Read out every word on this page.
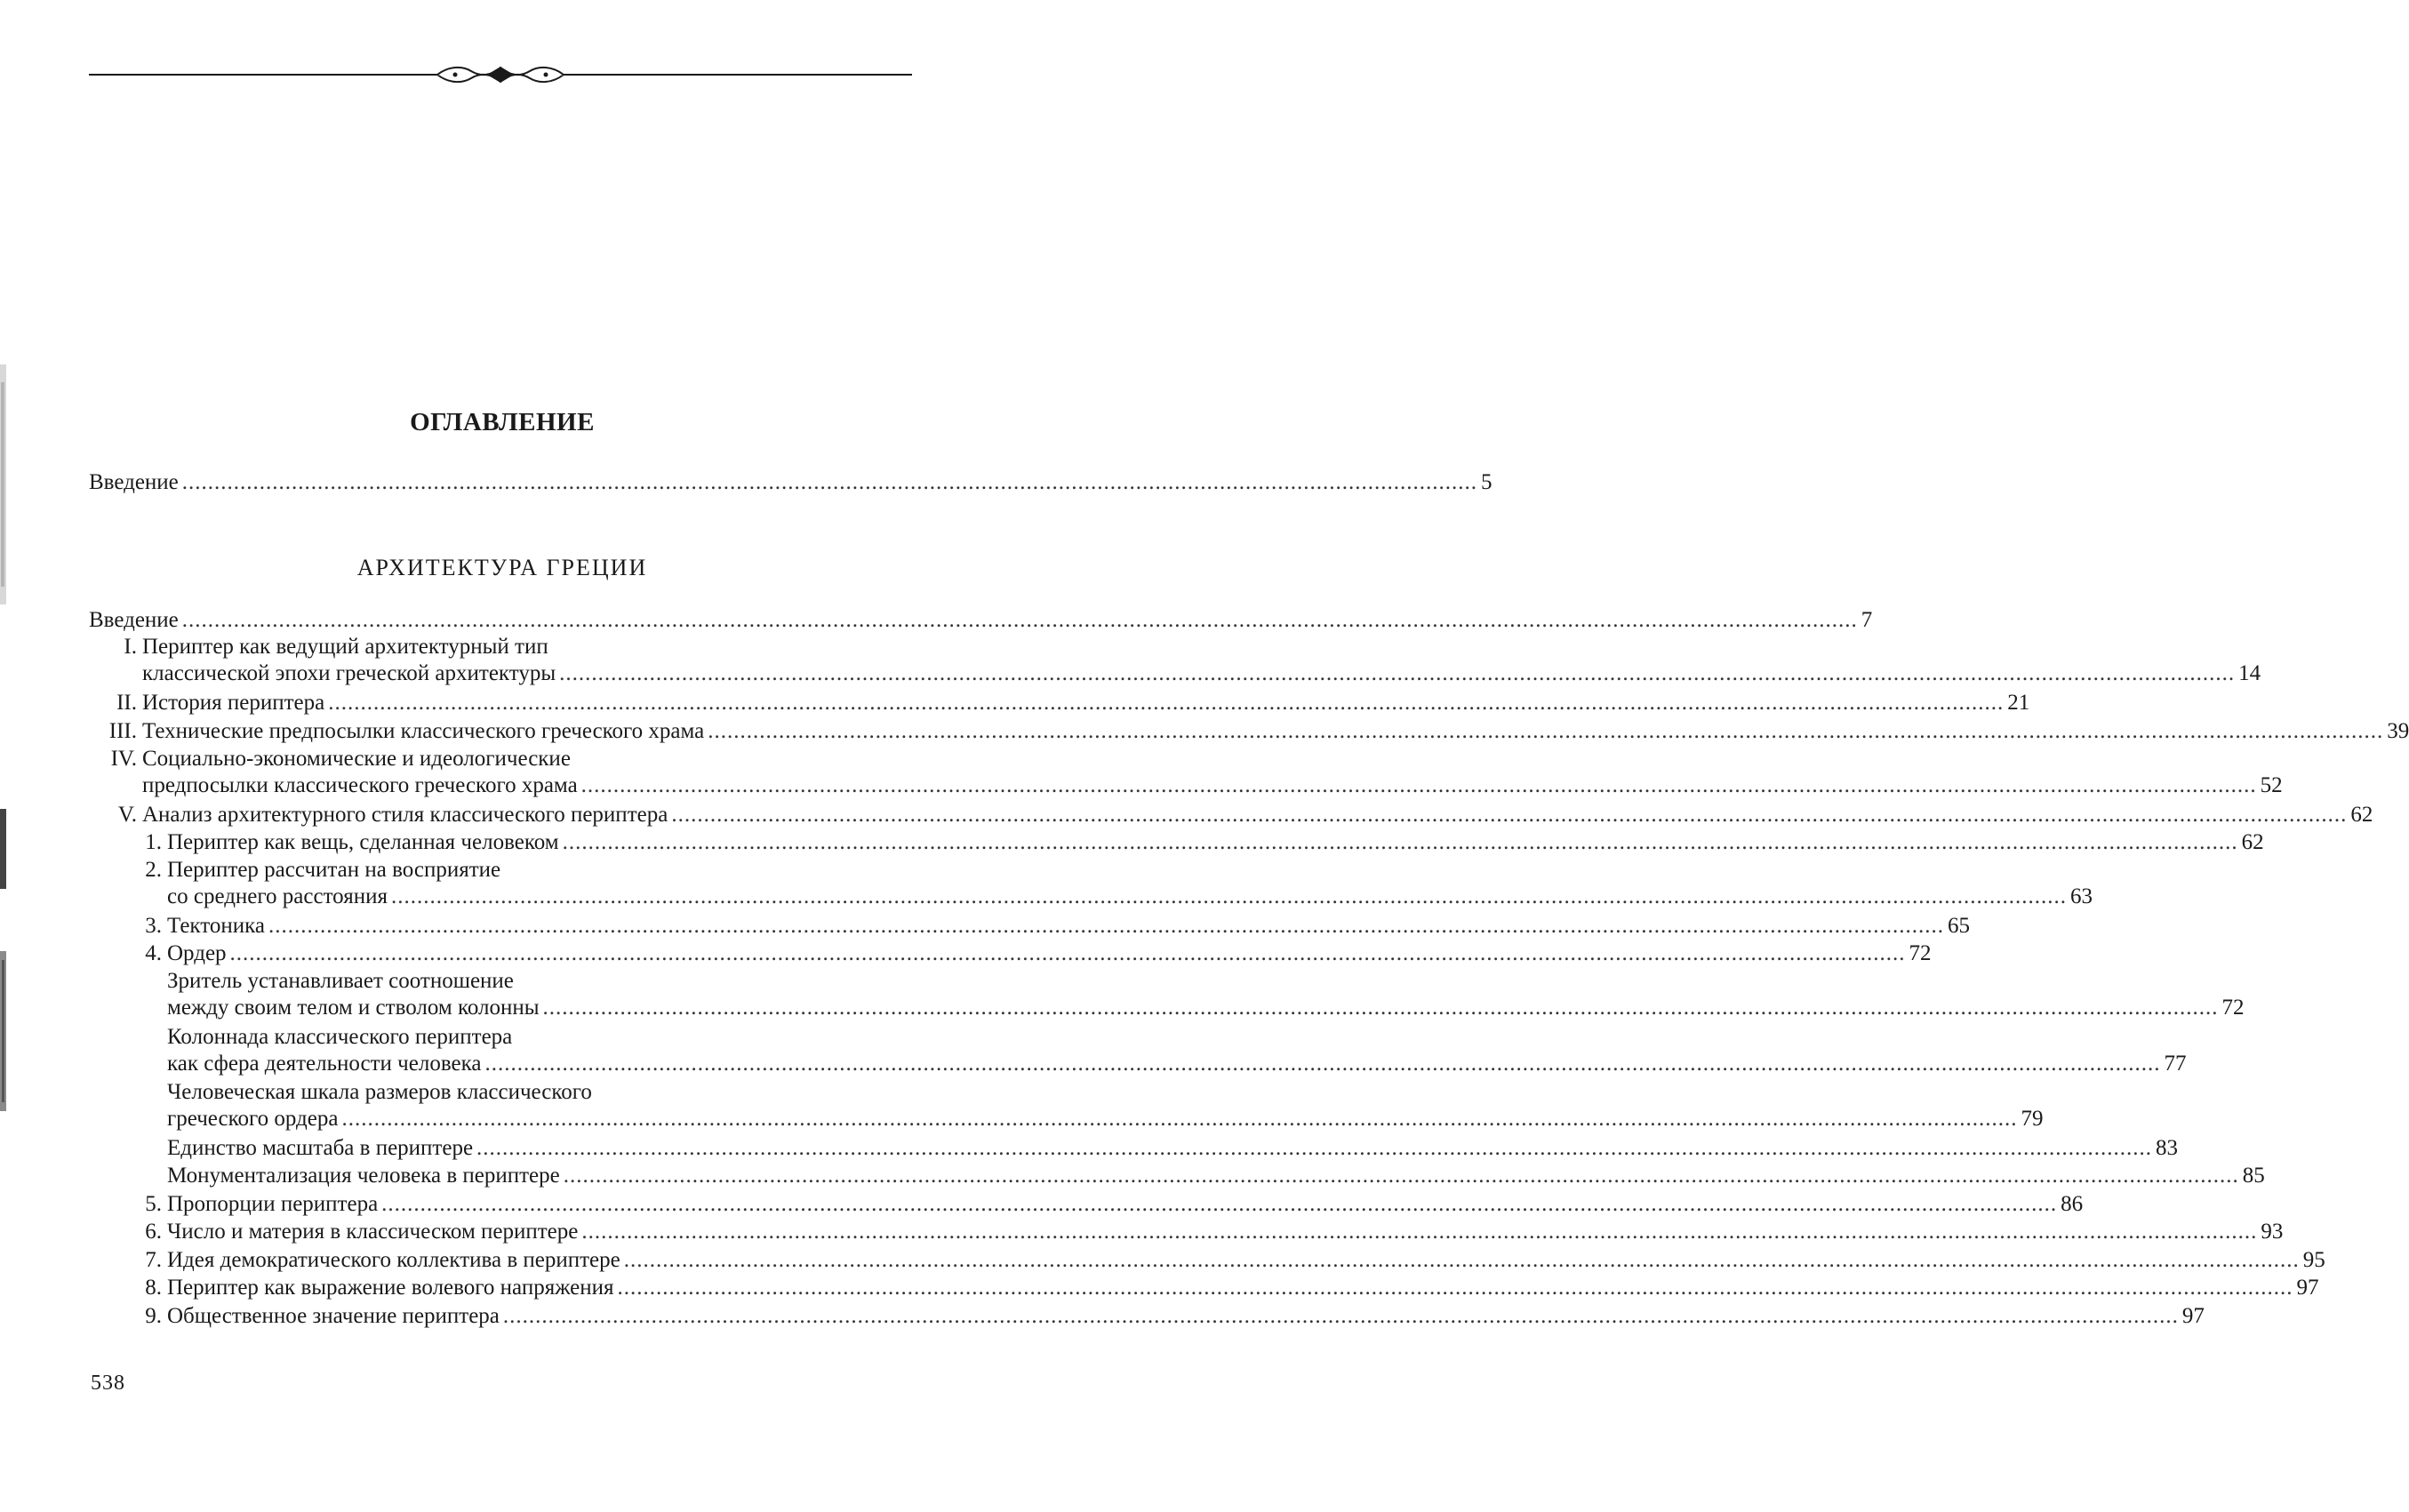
ОГЛАВЛЕНИЕ
Введение ......................................................................................................................................................................................................... 5
АРХИТЕКТУРА ГРЕЦИИ
Введение .................................................................................................................................................................................................................................................................... 7
I. Периптер как ведущий архитектурный тип
классической эпохи греческой архитектуры .................................................................................................................................................................................................................................................................... 14
II. История периптера .................................................................................................................................................................................................................................................................... 21
III. Технические предпосылки классического греческого храма .................................................................................................................................................................................................................................................................... 39
IV. Социально-экономические и идеологические
предпосылки классического греческого храма .................................................................................................................................................................................................................................................................... 52
V. Анализ архитектурного стиля классического периптера .................................................................................................................................................................................................................................................................... 62
1. Периптер как вещь, сделанная человеком .................................................................................................................................................................................................................................................................... 62
2. Периптер рассчитан на восприятие
со среднего расстояния .................................................................................................................................................................................................................................................................... 63
3. Тектоника .................................................................................................................................................................................................................................................................... 65
4. Ордер .................................................................................................................................................................................................................................................................... 72
Зритель устанавливает соотношение
между своим телом и стволом колонны .................................................................................................................................................................................................................................................................... 72
Колоннада классического периптера
как сфера деятельности человека .................................................................................................................................................................................................................................................................... 77
Человеческая шкала размеров классического
греческого ордера .................................................................................................................................................................................................................................................................... 79
Единство масштаба в периптере .................................................................................................................................................................................................................................................................... 83
Монументализация человека в периптере .................................................................................................................................................................................................................................................................... 85
5. Пропорции периптера .................................................................................................................................................................................................................................................................... 86
6. Число и материя в классическом периптере .................................................................................................................................................................................................................................................................... 93
7. Идея демократического коллектива в периптере .................................................................................................................................................................................................................................................................... 95
8. Периптер как выражение волевого напряжения .................................................................................................................................................................................................................................................................... 97
9. Общественное значение периптера .................................................................................................................................................................................................................................................................... 97
538
